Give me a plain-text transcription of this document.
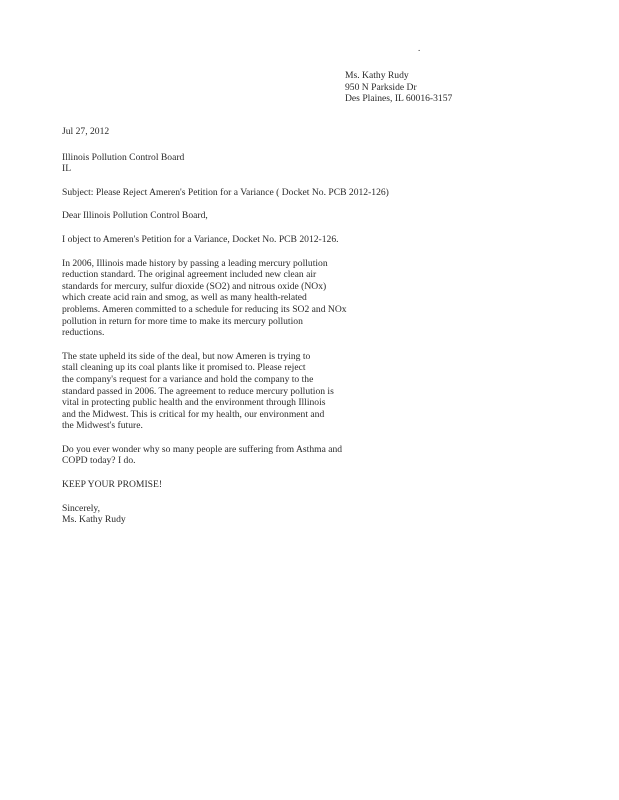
.
Ms. Kathy Rudy
950 N Parkside Dr
Des Plaines, IL 60016-3157
Jul 27, 2012
Illinois Pollution Control Board
IL
Subject: Please Reject Ameren's Petition for a Variance ( Docket No. PCB 2012-126)
Dear Illinois Pollution Control Board,
I object to Ameren's Petition for a Variance, Docket No. PCB 2012-126.

In 2006, Illinois made history by passing a leading mercury pollution

reduction standard. The original agreement included new clean air

standards for mercury, sulfur dioxide (SO2) and nitrous oxide (NOx)

which create acid rain and smog, as well as many health-related

problems. Ameren committed to a schedule for reducing its SO2 and NOx

pollution in return for more time to make its mercury pollution

reductions.

The state upheld its side of the deal, but now Ameren is trying to

stall cleaning up its coal plants like it promised to. Please reject

the company's request for a variance and hold the company to the

standard passed in 2006. The agreement to reduce mercury pollution is

vital in protecting public health and the environment through Illinois

and the Midwest. This is critical for my health, our environment and

the Midwest's future.

Do you ever wonder why so many people are suffering from Asthma and

COPD today? I do.

KEEP YOUR PROMISE!
Sincerely,
Ms. Kathy Rudy
